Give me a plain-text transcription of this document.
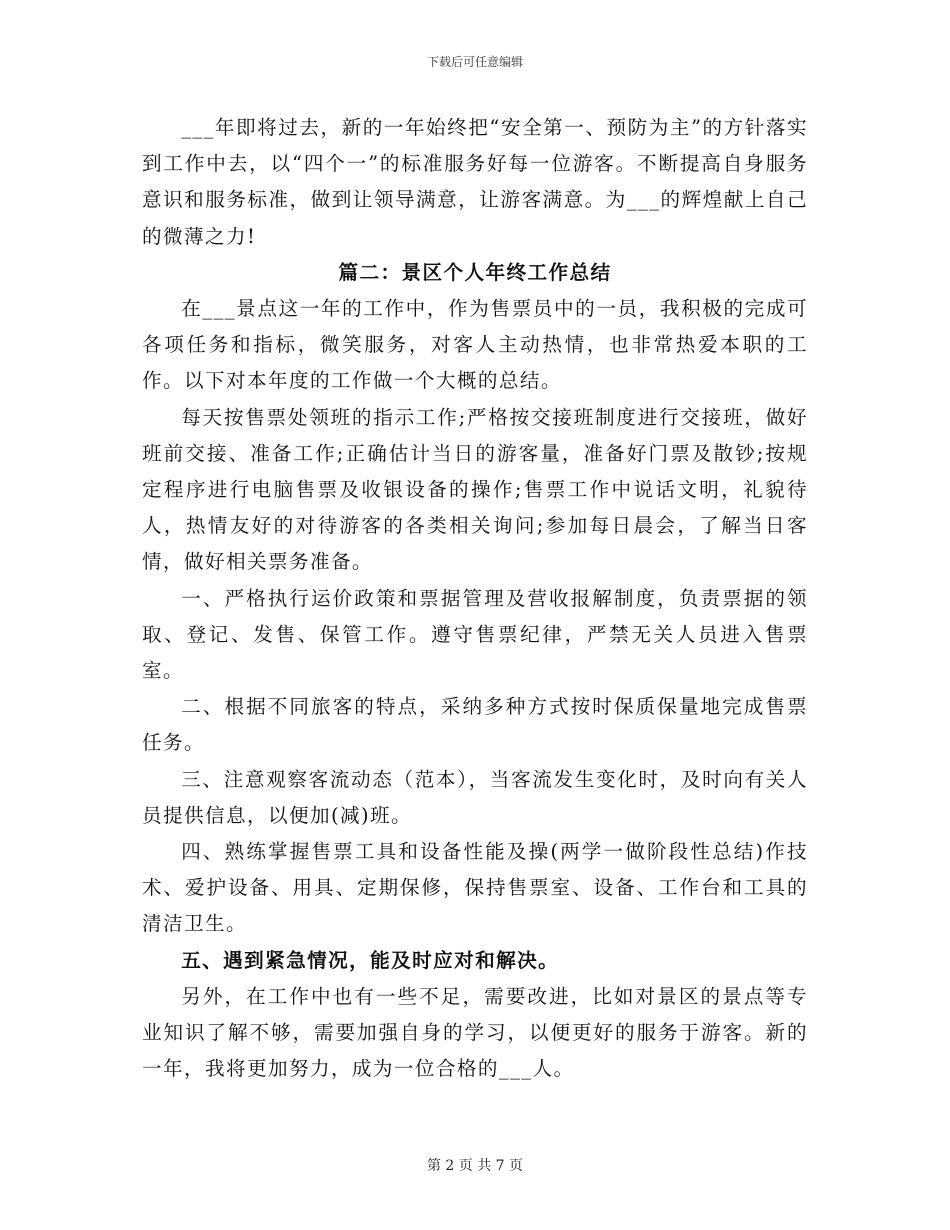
下载后可任意编辑

___年即将过去，新的一年始终把“安全第一、预防为主”的方针落实到工作中去，以“四个一”的标准服务好每一位游客。不断提高自身服务意识和服务标准，做到让领导满意，让游客满意。为___的辉煌献上自己的微薄之力!

篇二：景区个人年终工作总结

在___景点这一年的工作中，作为售票员中的一员，我积极的完成可各项任务和指标，微笑服务，对客人主动热情，也非常热爱本职的工作。以下对本年度的工作做一个大概的总结。

每天按售票处领班的指示工作;严格按交接班制度进行交接班，做好班前交接、准备工作;正确估计当日的游客量，准备好门票及散钞;按规定程序进行电脑售票及收银设备的操作;售票工作中说话文明，礼貌待人，热情友好的对待游客的各类相关询问;参加每日晨会，了解当日客情，做好相关票务准备。

一、严格执行运价政策和票据管理及营收报解制度，负责票据的领取、登记、发售、保管工作。遵守售票纪律，严禁无关人员进入售票室。

二、根据不同旅客的特点，采纳多种方式按时保质保量地完成售票任务。

三、注意观察客流动态（范本），当客流发生变化时，及时向有关人员提供信息，以便加(减)班。

四、熟练掌握售票工具和设备性能及操(两学一做阶段性总结)作技术、爱护设备、用具、定期保修，保持售票室、设备、工作台和工具的清洁卫生。

五、遇到紧急情况，能及时应对和解决。

另外，在工作中也有一些不足，需要改进，比如对景区的景点等专业知识了解不够，需要加强自身的学习，以便更好的服务于游客。新的一年，我将更加努力，成为一位合格的___人。

第 2 页 共 7 页
